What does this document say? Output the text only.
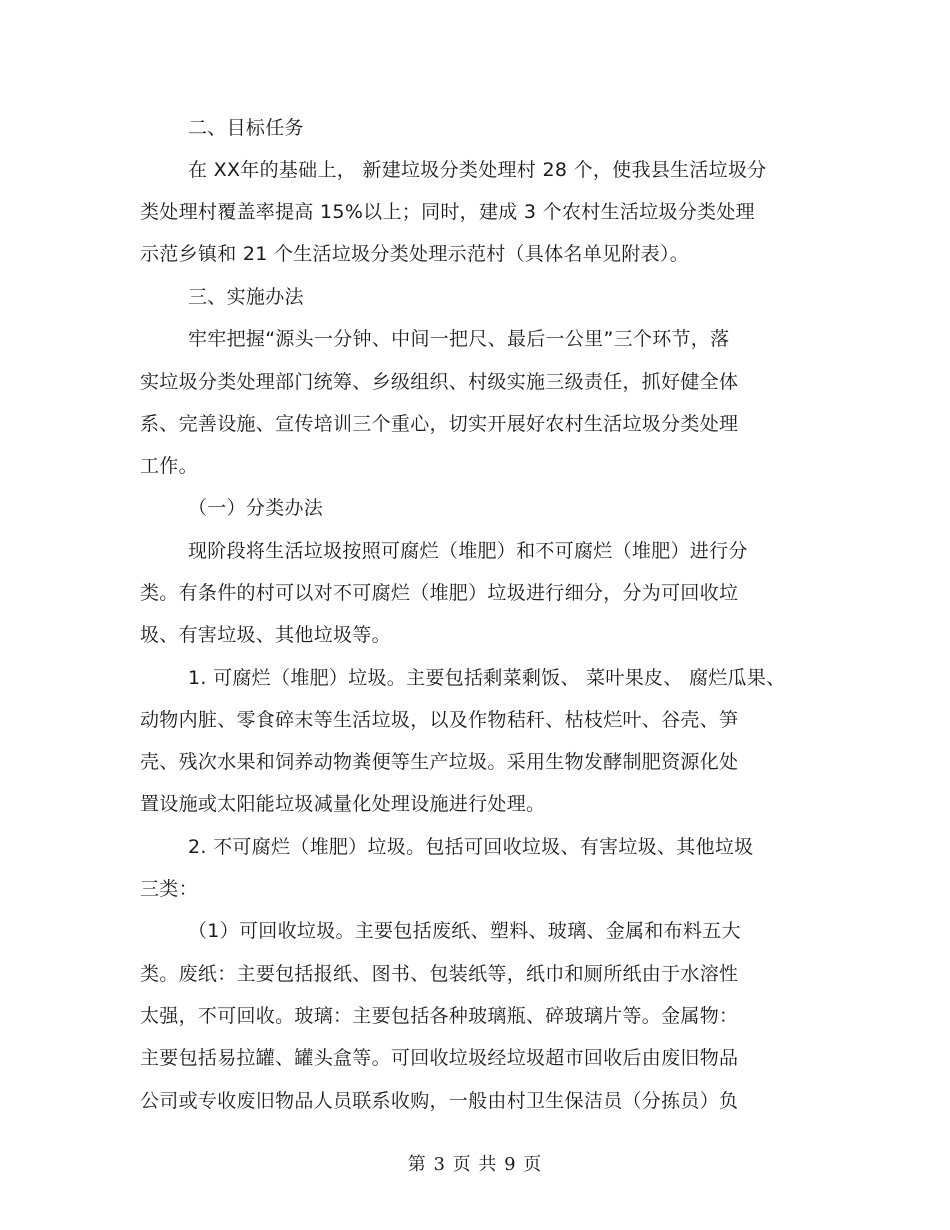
二、目标任务
在 XX年的基础上， 新建垃圾分类处理村 28 个，使我县生活垃圾分
类处理村覆盖率提高 15%以上；同时，建成 3 个农村生活垃圾分类处理
示范乡镇和 21 个生活垃圾分类处理示范村（具体名单见附表）。
三、实施办法
牢牢把握“源头一分钟、中间一把尺、最后一公里”三个环节，落
实垃圾分类处理部门统筹、乡级组织、村级实施三级责任，抓好健全体
系、完善设施、宣传培训三个重心，切实开展好农村生活垃圾分类处理
工作。
（一）分类办法
现阶段将生活垃圾按照可腐烂（堆肥）和不可腐烂（堆肥）进行分
类。有条件的村可以对不可腐烂（堆肥）垃圾进行细分，分为可回收垃
圾、有害垃圾、其他垃圾等。
1. 可腐烂（堆肥）垃圾。主要包括剩菜剩饭、 菜叶果皮、 腐烂瓜果、
动物内脏、零食碎末等生活垃圾，以及作物秸秆、枯枝烂叶、谷壳、笋
壳、残次水果和饲养动物粪便等生产垃圾。采用生物发酵制肥资源化处
置设施或太阳能垃圾减量化处理设施进行处理。
2. 不可腐烂（堆肥）垃圾。包括可回收垃圾、有害垃圾、其他垃圾
三类：
（1）可回收垃圾。主要包括废纸、塑料、玻璃、金属和布料五大
类。废纸：主要包括报纸、图书、包装纸等，纸巾和厕所纸由于水溶性
太强，不可回收。玻璃：主要包括各种玻璃瓶、碎玻璃片等。金属物：
主要包括易拉罐、罐头盒等。可回收垃圾经垃圾超市回收后由废旧物品
公司或专收废旧物品人员联系收购，一般由村卫生保洁员（分拣员）负
第 3 页 共 9 页
